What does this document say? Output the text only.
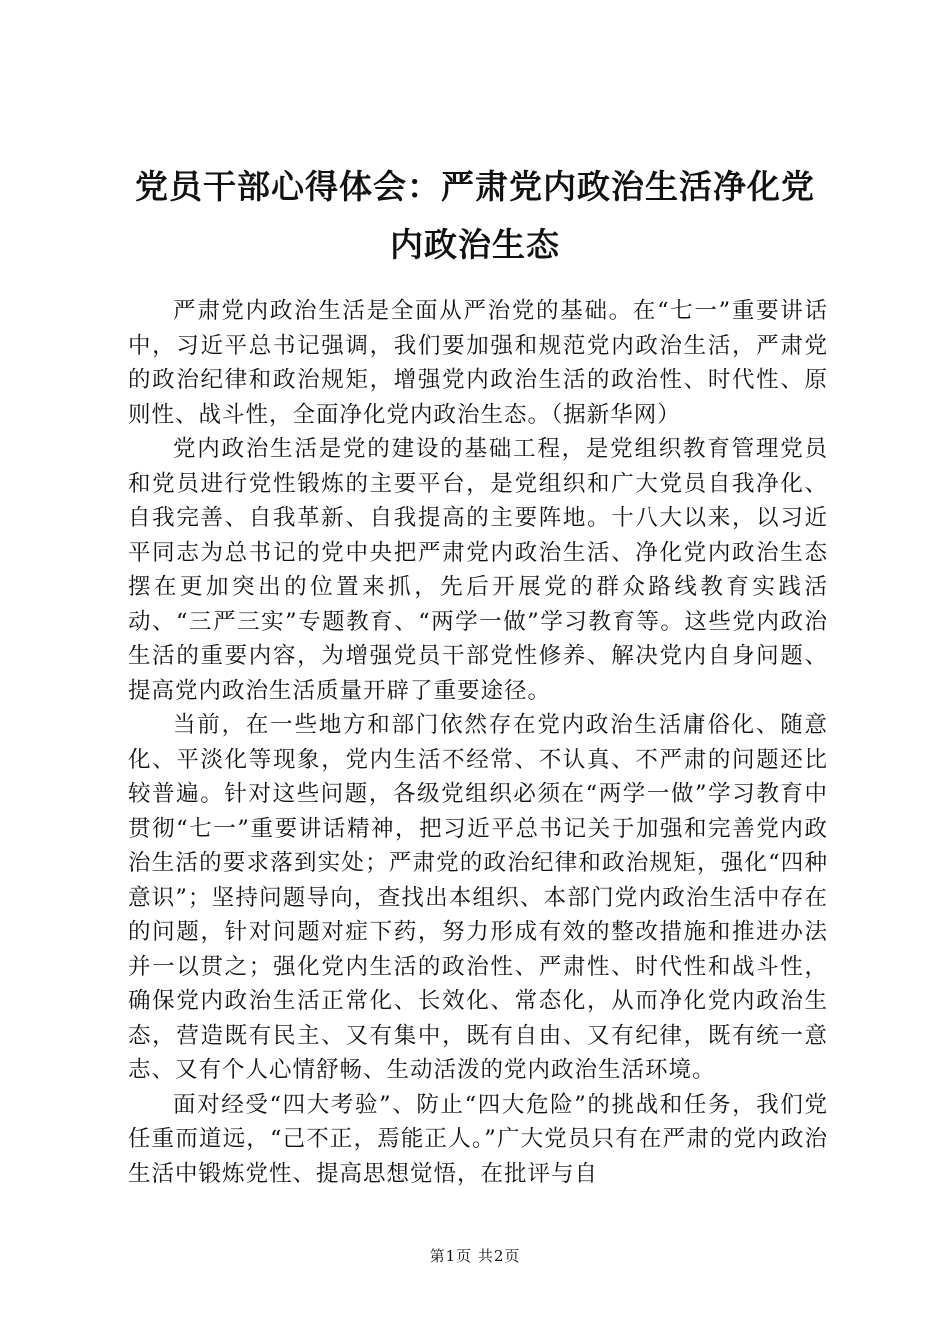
党员干部心得体会：严肃党内政治生活净化党内政治生态

严肃党内政治生活是全面从严治党的基础。在“七一”重要讲话中，习近平总书记强调，我们要加强和规范党内政治生活，严肃党的政治纪律和政治规矩，增强党内政治生活的政治性、时代性、原则性、战斗性，全面净化党内政治生态。（据新华网）

党内政治生活是党的建设的基础工程，是党组织教育管理党员和党员进行党性锻炼的主要平台，是党组织和广大党员自我净化、自我完善、自我革新、自我提高的主要阵地。十八大以来，以习近平同志为总书记的党中央把严肃党内政治生活、净化党内政治生态摆在更加突出的位置来抓，先后开展党的群众路线教育实践活动、“三严三实”专题教育、“两学一做”学习教育等。这些党内政治生活的重要内容，为增强党员干部党性修养、解决党内自身问题、提高党内政治生活质量开辟了重要途径。

当前，在一些地方和部门依然存在党内政治生活庸俗化、随意化、平淡化等现象，党内生活不经常、不认真、不严肃的问题还比较普遍。针对这些问题，各级党组织必须在“两学一做”学习教育中贯彻“七一”重要讲话精神，把习近平总书记关于加强和完善党内政治生活的要求落到实处；严肃党的政治纪律和政治规矩，强化“四种意识”；坚持问题导向，查找出本组织、本部门党内政治生活中存在的问题，针对问题对症下药，努力形成有效的整改措施和推进办法并一以贯之；强化党内生活的政治性、严肃性、时代性和战斗性，确保党内政治生活正常化、长效化、常态化，从而净化党内政治生态，营造既有民主、又有集中，既有自由、又有纪律，既有统一意志、又有个人心情舒畅、生动活泼的党内政治生活环境。

面对经受“四大考验”、防止“四大危险”的挑战和任务，我们党任重而道远，“己不正，焉能正人。”广大党员只有在严肃的党内政治生活中锻炼党性、提高思想觉悟，在批评与自

第1页 共2页
